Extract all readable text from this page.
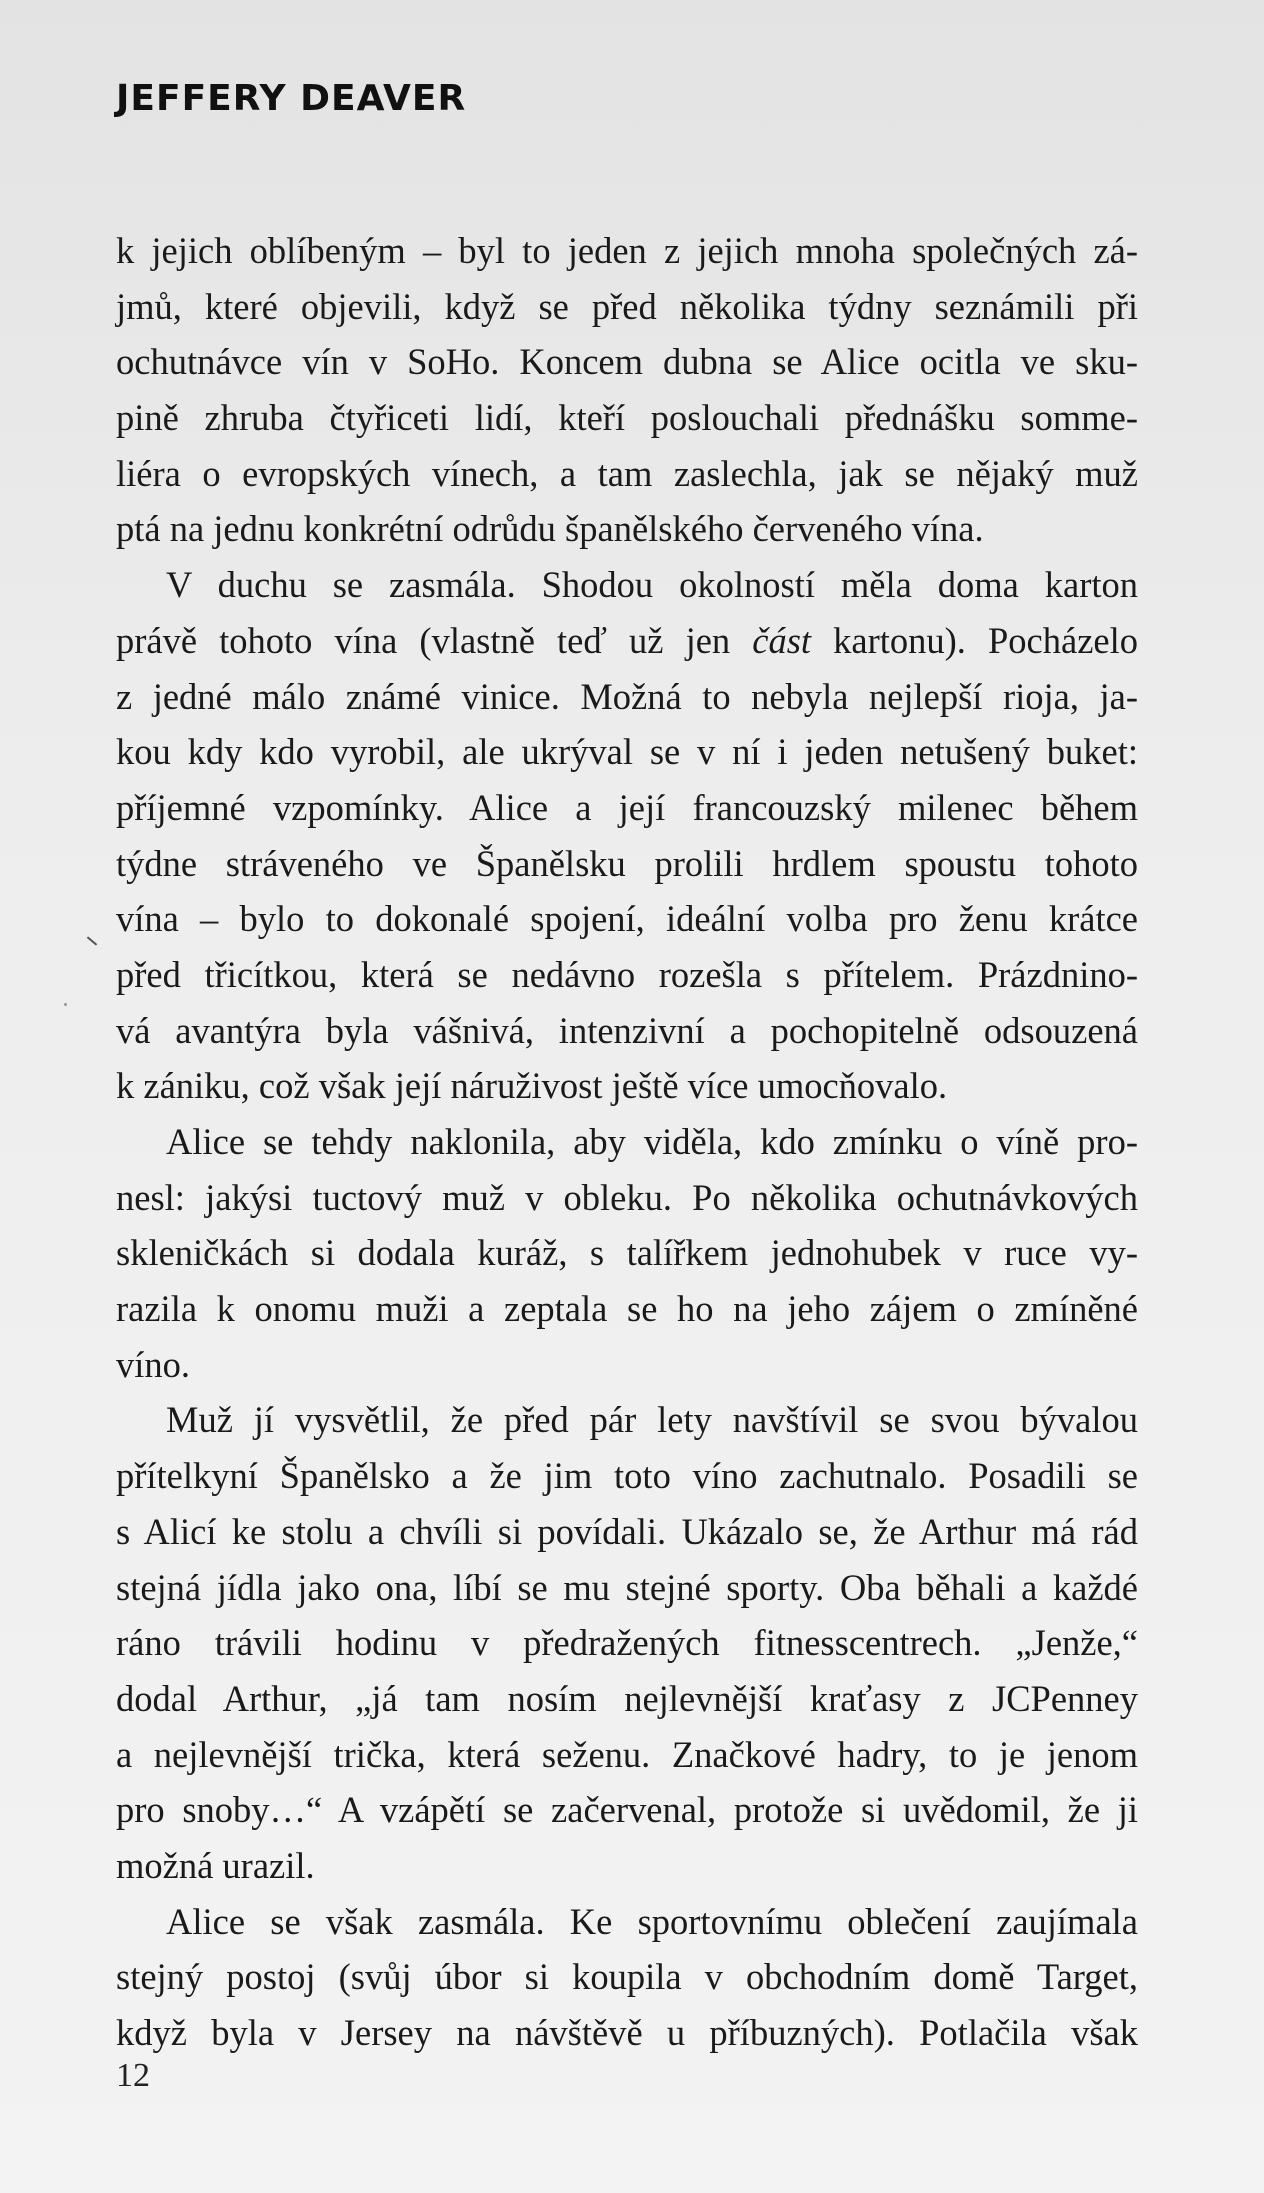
JEFFERY DEAVER
k jejich oblíbeným – byl to jeden z jejich mnoha společných zá-
jmů, které objevili, když se před několika týdny seznámili při
ochutnávce vín v SoHo. Koncem dubna se Alice ocitla ve sku-
pině zhruba čtyřiceti lidí, kteří poslouchali přednášku somme-
liéra o evropských vínech, a tam zaslechla, jak se nějaký muž
ptá na jednu konkrétní odrůdu španělského červeného vína.
V duchu se zasmála. Shodou okolností měla doma karton
právě tohoto vína (vlastně teď už jen část kartonu). Pocházelo
z jedné málo známé vinice. Možná to nebyla nejlepší rioja, ja-
kou kdy kdo vyrobil, ale ukrýval se v ní i jeden netušený buket:
příjemné vzpomínky. Alice a její francouzský milenec během
týdne stráveného ve Španělsku prolili hrdlem spoustu tohoto
vína – bylo to dokonalé spojení, ideální volba pro ženu krátce
před třicítkou, která se nedávno rozešla s přítelem. Prázdnino-
vá avantýra byla vášnivá, intenzivní a pochopitelně odsouzená
k zániku, což však její náruživost ještě více umocňovalo.
Alice se tehdy naklonila, aby viděla, kdo zmínku o víně pro-
nesl: jakýsi tuctový muž v obleku. Po několika ochutnávkových
skleničkách si dodala kuráž, s talířkem jednohubek v ruce vy-
razila k onomu muži a zeptala se ho na jeho zájem o zmíněné
víno.
Muž jí vysvětlil, že před pár lety navštívil se svou bývalou
přítelkyní Španělsko a že jim toto víno zachutnalo. Posadili se
s Alicí ke stolu a chvíli si povídali. Ukázalo se, že Arthur má rád
stejná jídla jako ona, líbí se mu stejné sporty. Oba běhali a každé
ráno trávili hodinu v předražených fitnesscentrech. „Jenže,“
dodal Arthur, „já tam nosím nejlevnější kraťasy z JCPenney
a nejlevnější trička, která seženu. Značkové hadry, to je jenom
pro snoby…“ A vzápětí se začervenal, protože si uvědomil, že ji
možná urazil.
Alice se však zasmála. Ke sportovnímu oblečení zaujímala
stejný postoj (svůj úbor si koupila v obchodním domě Target,
když byla v Jersey na návštěvě u příbuzných). Potlačila však
12
